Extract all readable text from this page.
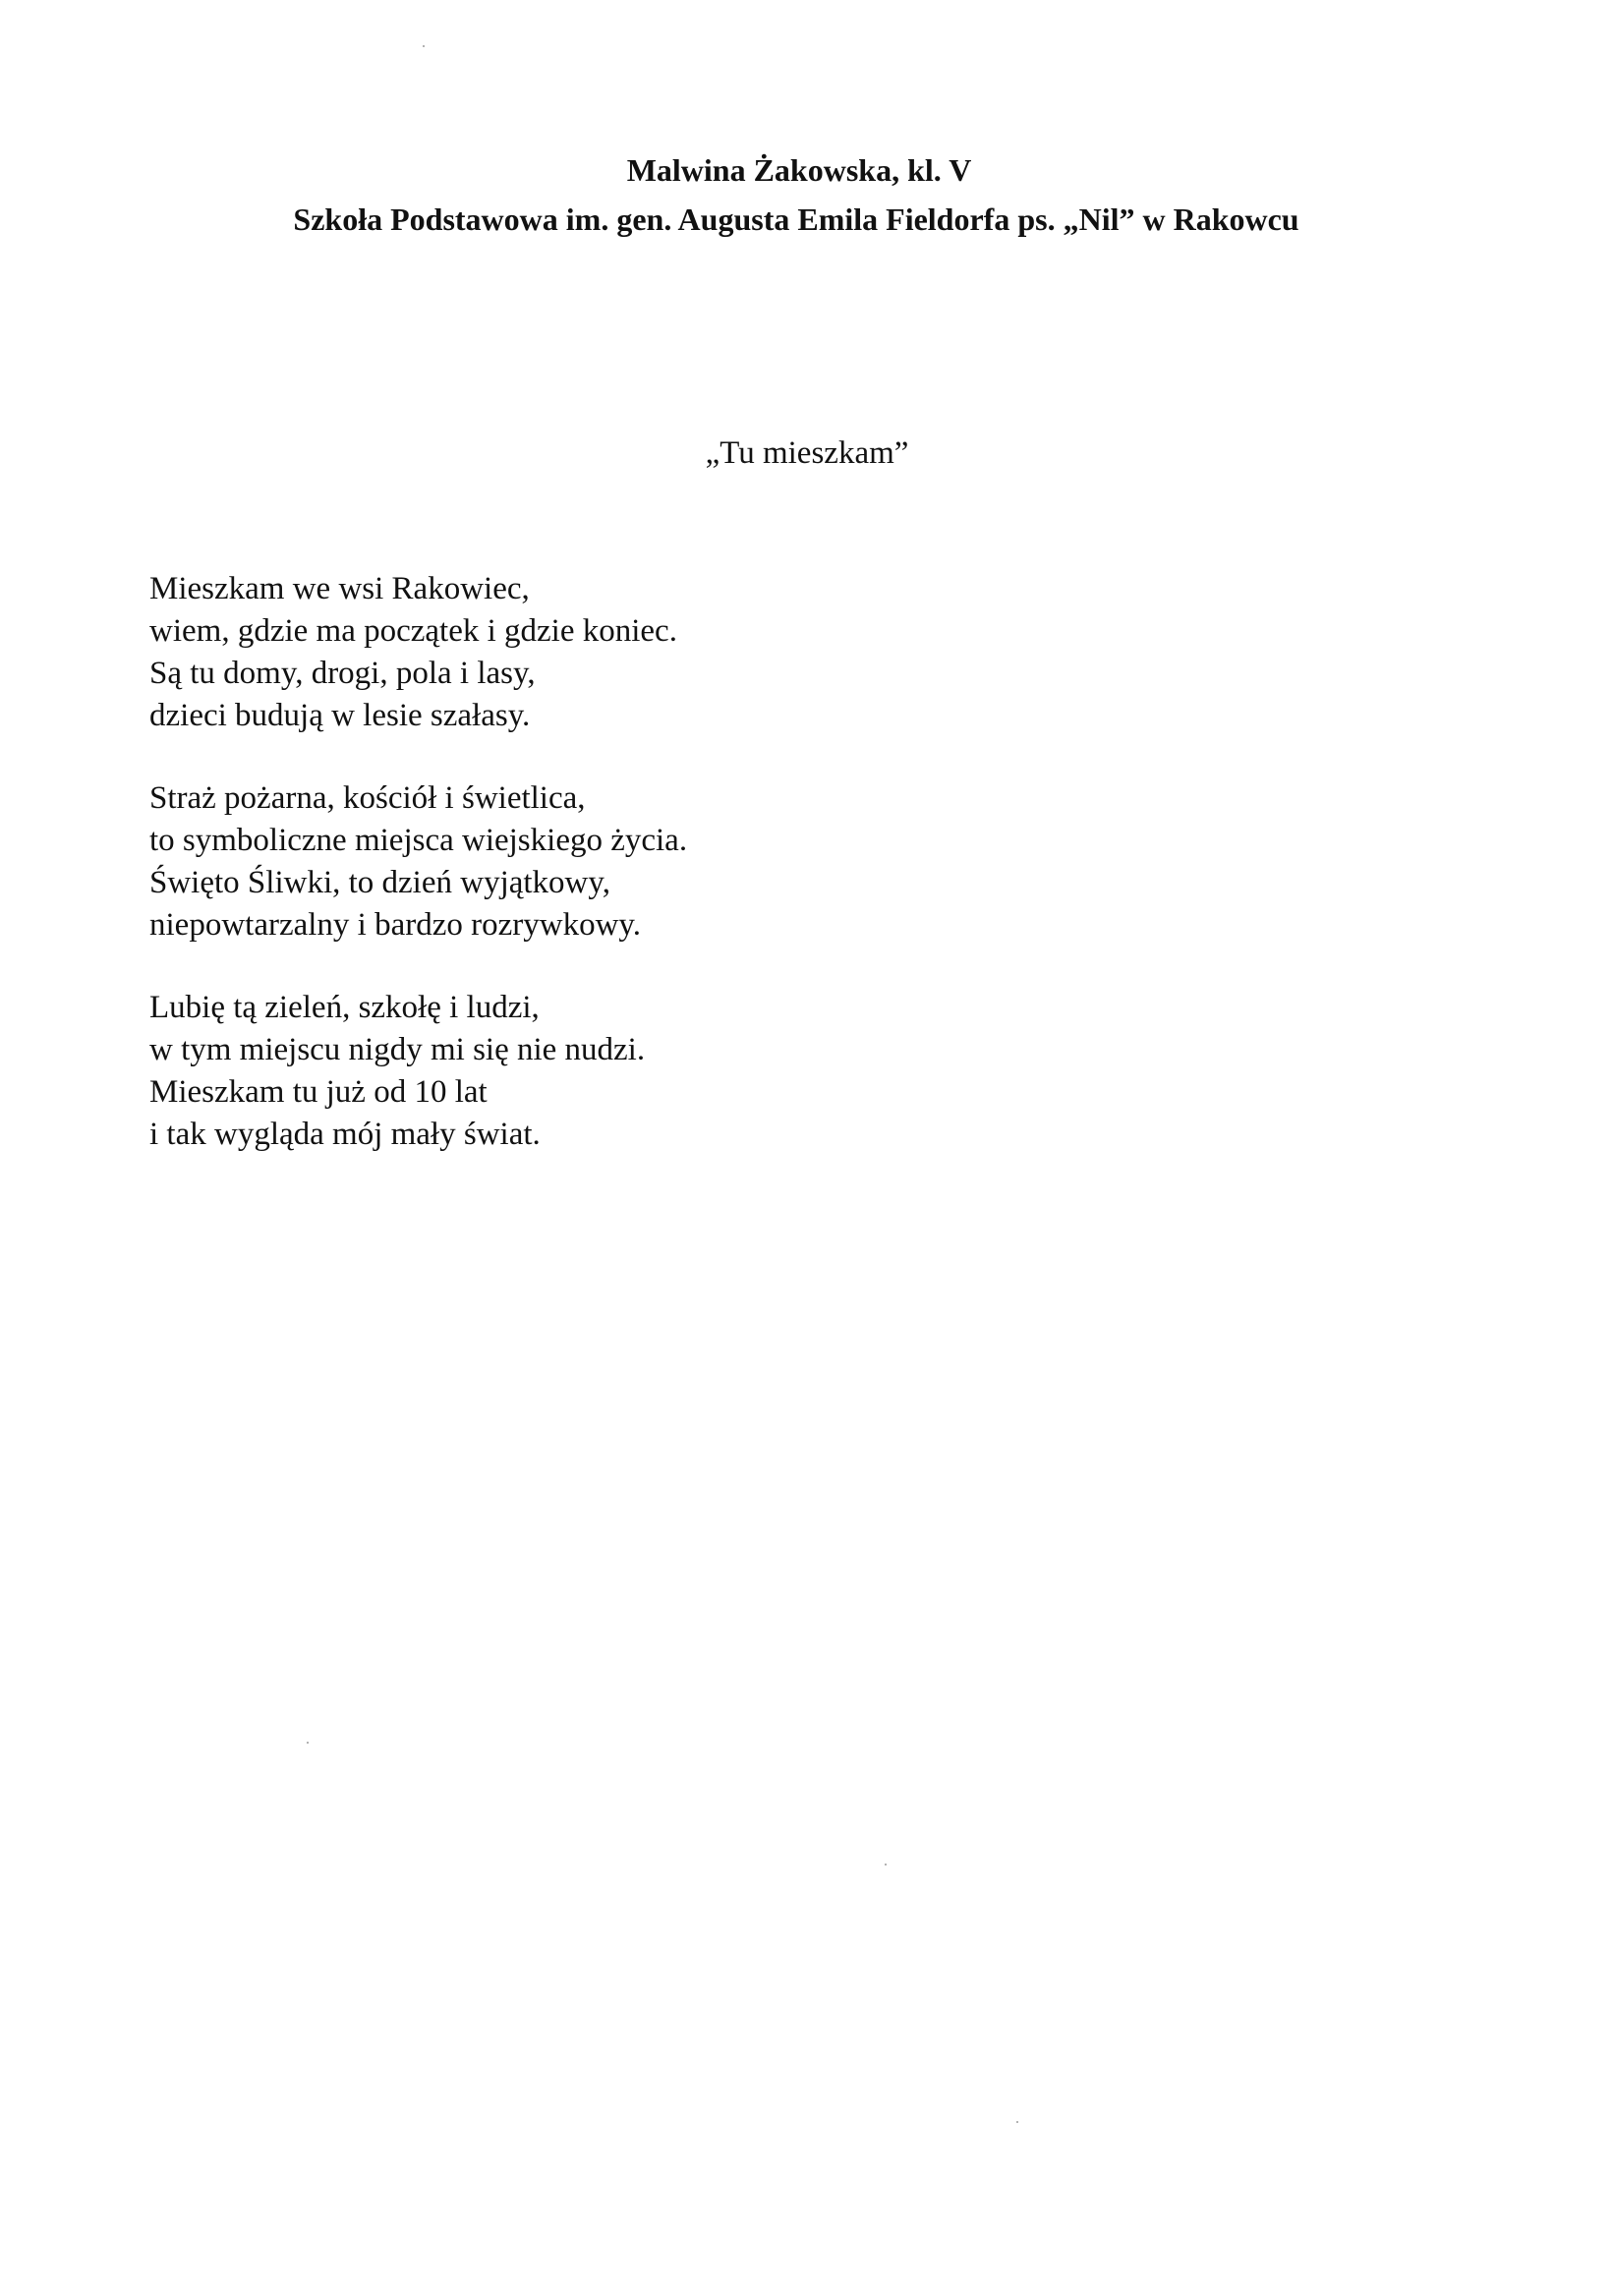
Malwina Żakowska, kl. V
Szkoła Podstawowa im. gen. Augusta Emila Fieldorfa ps. „Nil” w Rakowcu
„Tu mieszkam”
Mieszkam we wsi Rakowiec,
wiem, gdzie ma początek i gdzie koniec.
Są tu domy, drogi, pola i lasy,
dzieci budują w lesie szałasy.
Straż pożarna, kościół i świetlica,
to symboliczne miejsca wiejskiego życia.
Święto Śliwki, to dzień wyjątkowy,
niepowtarzalny i bardzo rozrywkowy.
Lubię tą zieleń, szkołę i ludzi,
w tym miejscu nigdy mi się nie nudzi.
Mieszkam tu już od 10 lat
i tak wygląda mój mały świat.
